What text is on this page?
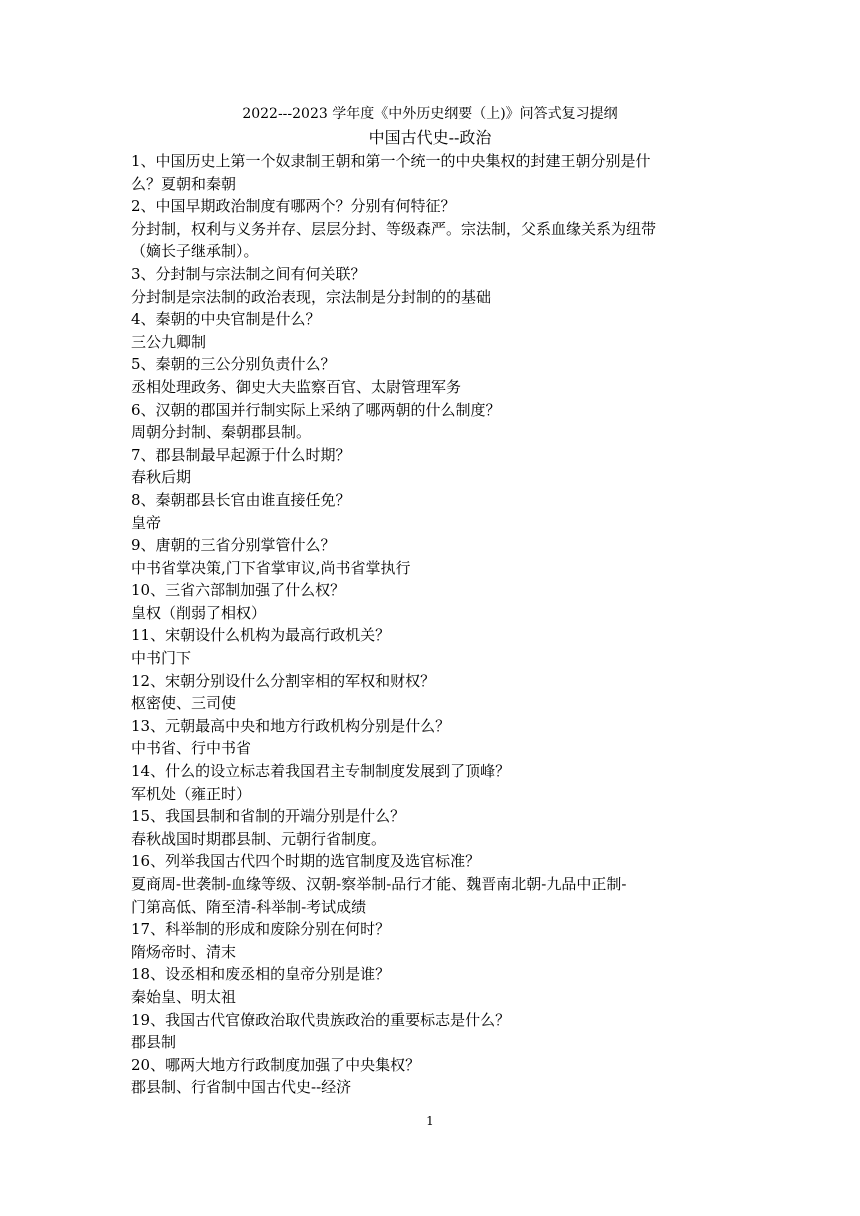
2022---2023 学年度《中外历史纲要（上)》问答式复习提纲
中国古代史--政治
1、中国历史上第一个奴隶制王朝和第一个统一的中央集权的封建王朝分别是什
么？夏朝和秦朝
2、中国早期政治制度有哪两个？分别有何特征？
分封制，权利与义务并存、层层分封、等级森严。宗法制，父系血缘关系为纽带
（嫡长子继承制）。
3、分封制与宗法制之间有何关联？
分封制是宗法制的政治表现，宗法制是分封制的的基础
4、秦朝的中央官制是什么？
三公九卿制
5、秦朝的三公分别负责什么？
丞相处理政务、御史大夫监察百官、太尉管理军务
6、汉朝的郡国并行制实际上采纳了哪两朝的什么制度？
周朝分封制、秦朝郡县制。
7、郡县制最早起源于什么时期？
春秋后期
8、秦朝郡县长官由谁直接任免？
皇帝
9、唐朝的三省分别掌管什么？
中书省掌决策,门下省掌审议,尚书省掌执行
10、三省六部制加强了什么权？
皇权（削弱了相权）
11、宋朝设什么机构为最高行政机关？
中书门下
12、宋朝分别设什么分割宰相的军权和财权？
枢密使、三司使
13、元朝最高中央和地方行政机构分别是什么？
中书省、行中书省
14、什么的设立标志着我国君主专制制度发展到了顶峰？
军机处（雍正时）
15、我国县制和省制的开端分别是什么？
春秋战国时期郡县制、元朝行省制度。
16、列举我国古代四个时期的选官制度及选官标准？
夏商周-世袭制-血缘等级、汉朝-察举制-品行才能、魏晋南北朝-九品中正制-
门第高低、隋至清-科举制-考试成绩
17、科举制的形成和废除分别在何时？
隋炀帝时、清末
18、设丞相和废丞相的皇帝分别是谁？
秦始皇、明太祖
19、我国古代官僚政治取代贵族政治的重要标志是什么？
郡县制
20、哪两大地方行政制度加强了中央集权？
郡县制、行省制中国古代史--经济
1
